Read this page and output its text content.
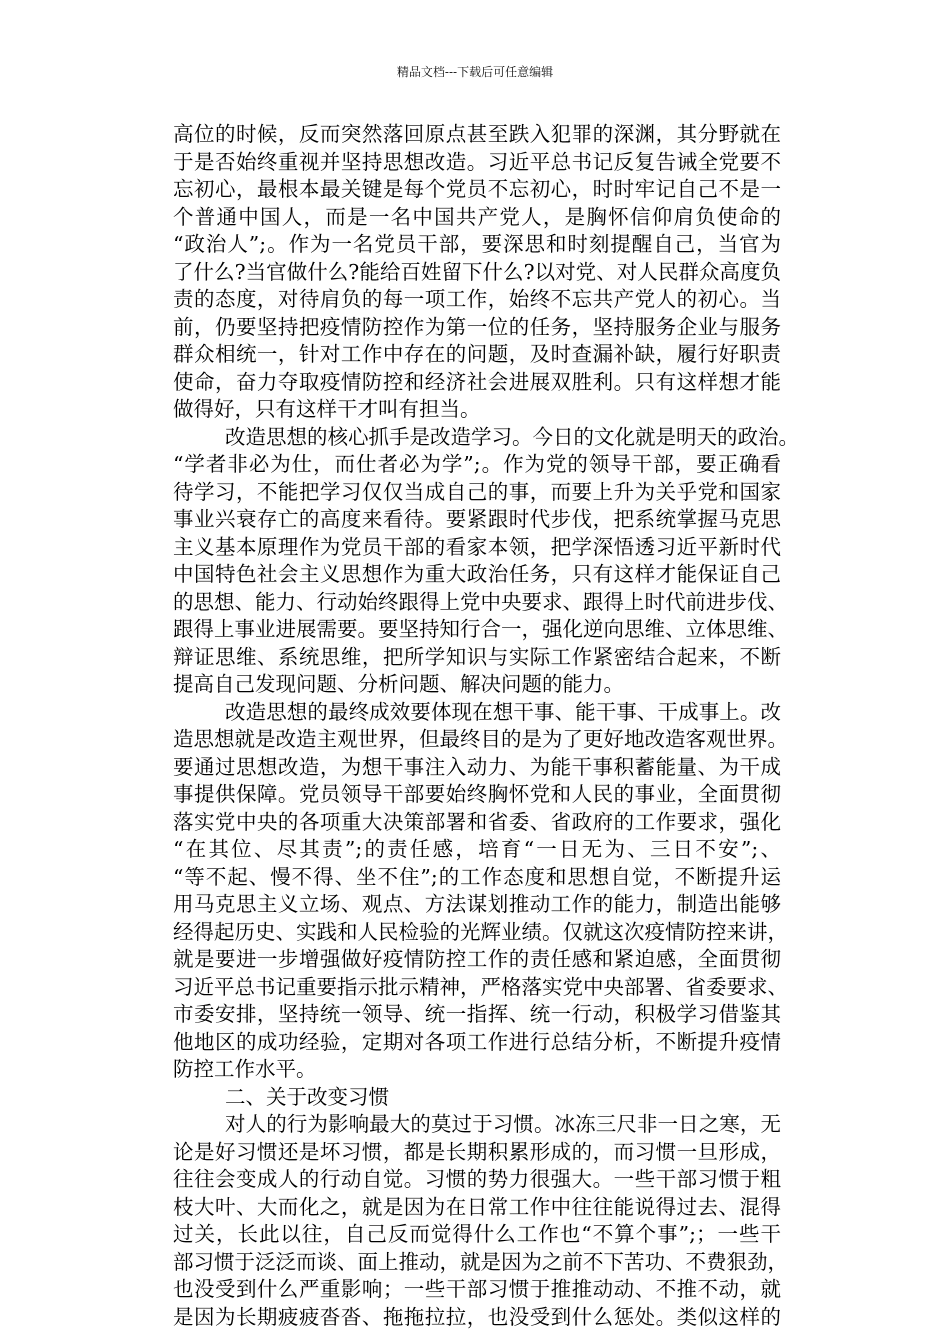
精品文档---下载后可任意编辑
高位的时候，反而突然落回原点甚至跌入犯罪的深渊，其分野就在
于是否始终重视并坚持思想改造。习近平总书记反复告诫全党要不
忘初心，最根本最关键是每个党员不忘初心，时时牢记自己不是一
个普通中国人，而是一名中国共产党人，是胸怀信仰肩负使命的
“政治人”;。作为一名党员干部，要深思和时刻提醒自己，当官为
了什么?当官做什么?能给百姓留下什么?以对党、对人民群众高度负
责的态度，对待肩负的每一项工作，始终不忘共产党人的初心。当
前，仍要坚持把疫情防控作为第一位的任务，坚持服务企业与服务
群众相统一，针对工作中存在的问题，及时查漏补缺，履行好职责
使命，奋力夺取疫情防控和经济社会进展双胜利。只有这样想才能
做得好，只有这样干才叫有担当。
改造思想的核心抓手是改造学习。今日的文化就是明天的政治。
“学者非必为仕，而仕者必为学”;。作为党的领导干部，要正确看
待学习，不能把学习仅仅当成自己的事，而要上升为关乎党和国家
事业兴衰存亡的高度来看待。要紧跟时代步伐，把系统掌握马克思
主义基本原理作为党员干部的看家本领，把学深悟透习近平新时代
中国特色社会主义思想作为重大政治任务，只有这样才能保证自己
的思想、能力、行动始终跟得上党中央要求、跟得上时代前进步伐、
跟得上事业进展需要。要坚持知行合一，强化逆向思维、立体思维、
辩证思维、系统思维，把所学知识与实际工作紧密结合起来，不断
提高自己发现问题、分析问题、解决问题的能力。
改造思想的最终成效要体现在想干事、能干事、干成事上。改
造思想就是改造主观世界，但最终目的是为了更好地改造客观世界。
要通过思想改造，为想干事注入动力、为能干事积蓄能量、为干成
事提供保障。党员领导干部要始终胸怀党和人民的事业，全面贯彻
落实党中央的各项重大决策部署和省委、省政府的工作要求，强化
“在其位、尽其责”;的责任感，培育“一日无为、三日不安”;、
“等不起、慢不得、坐不住”;的工作态度和思想自觉，不断提升运
用马克思主义立场、观点、方法谋划推动工作的能力，制造出能够
经得起历史、实践和人民检验的光辉业绩。仅就这次疫情防控来讲，
就是要进一步增强做好疫情防控工作的责任感和紧迫感，全面贯彻
习近平总书记重要指示批示精神，严格落实党中央部署、省委要求、
市委安排，坚持统一领导、统一指挥、统一行动，积极学习借鉴其
他地区的成功经验，定期对各项工作进行总结分析，不断提升疫情
防控工作水平。
二、关于改变习惯
对人的行为影响最大的莫过于习惯。冰冻三尺非一日之寒，无
论是好习惯还是坏习惯，都是长期积累形成的，而习惯一旦形成，
往往会变成人的行动自觉。习惯的势力很强大。一些干部习惯于粗
枝大叶、大而化之，就是因为在日常工作中往往能说得过去、混得
过关，长此以往，自己反而觉得什么工作也“不算个事”;；一些干
部习惯于泛泛而谈、面上推动，就是因为之前不下苦功、不费狠劲，
也没受到什么严重影响；一些干部习惯于推推动动、不推不动，就
是因为长期疲疲沓沓、拖拖拉拉，也没受到什么惩处。类似这样的
